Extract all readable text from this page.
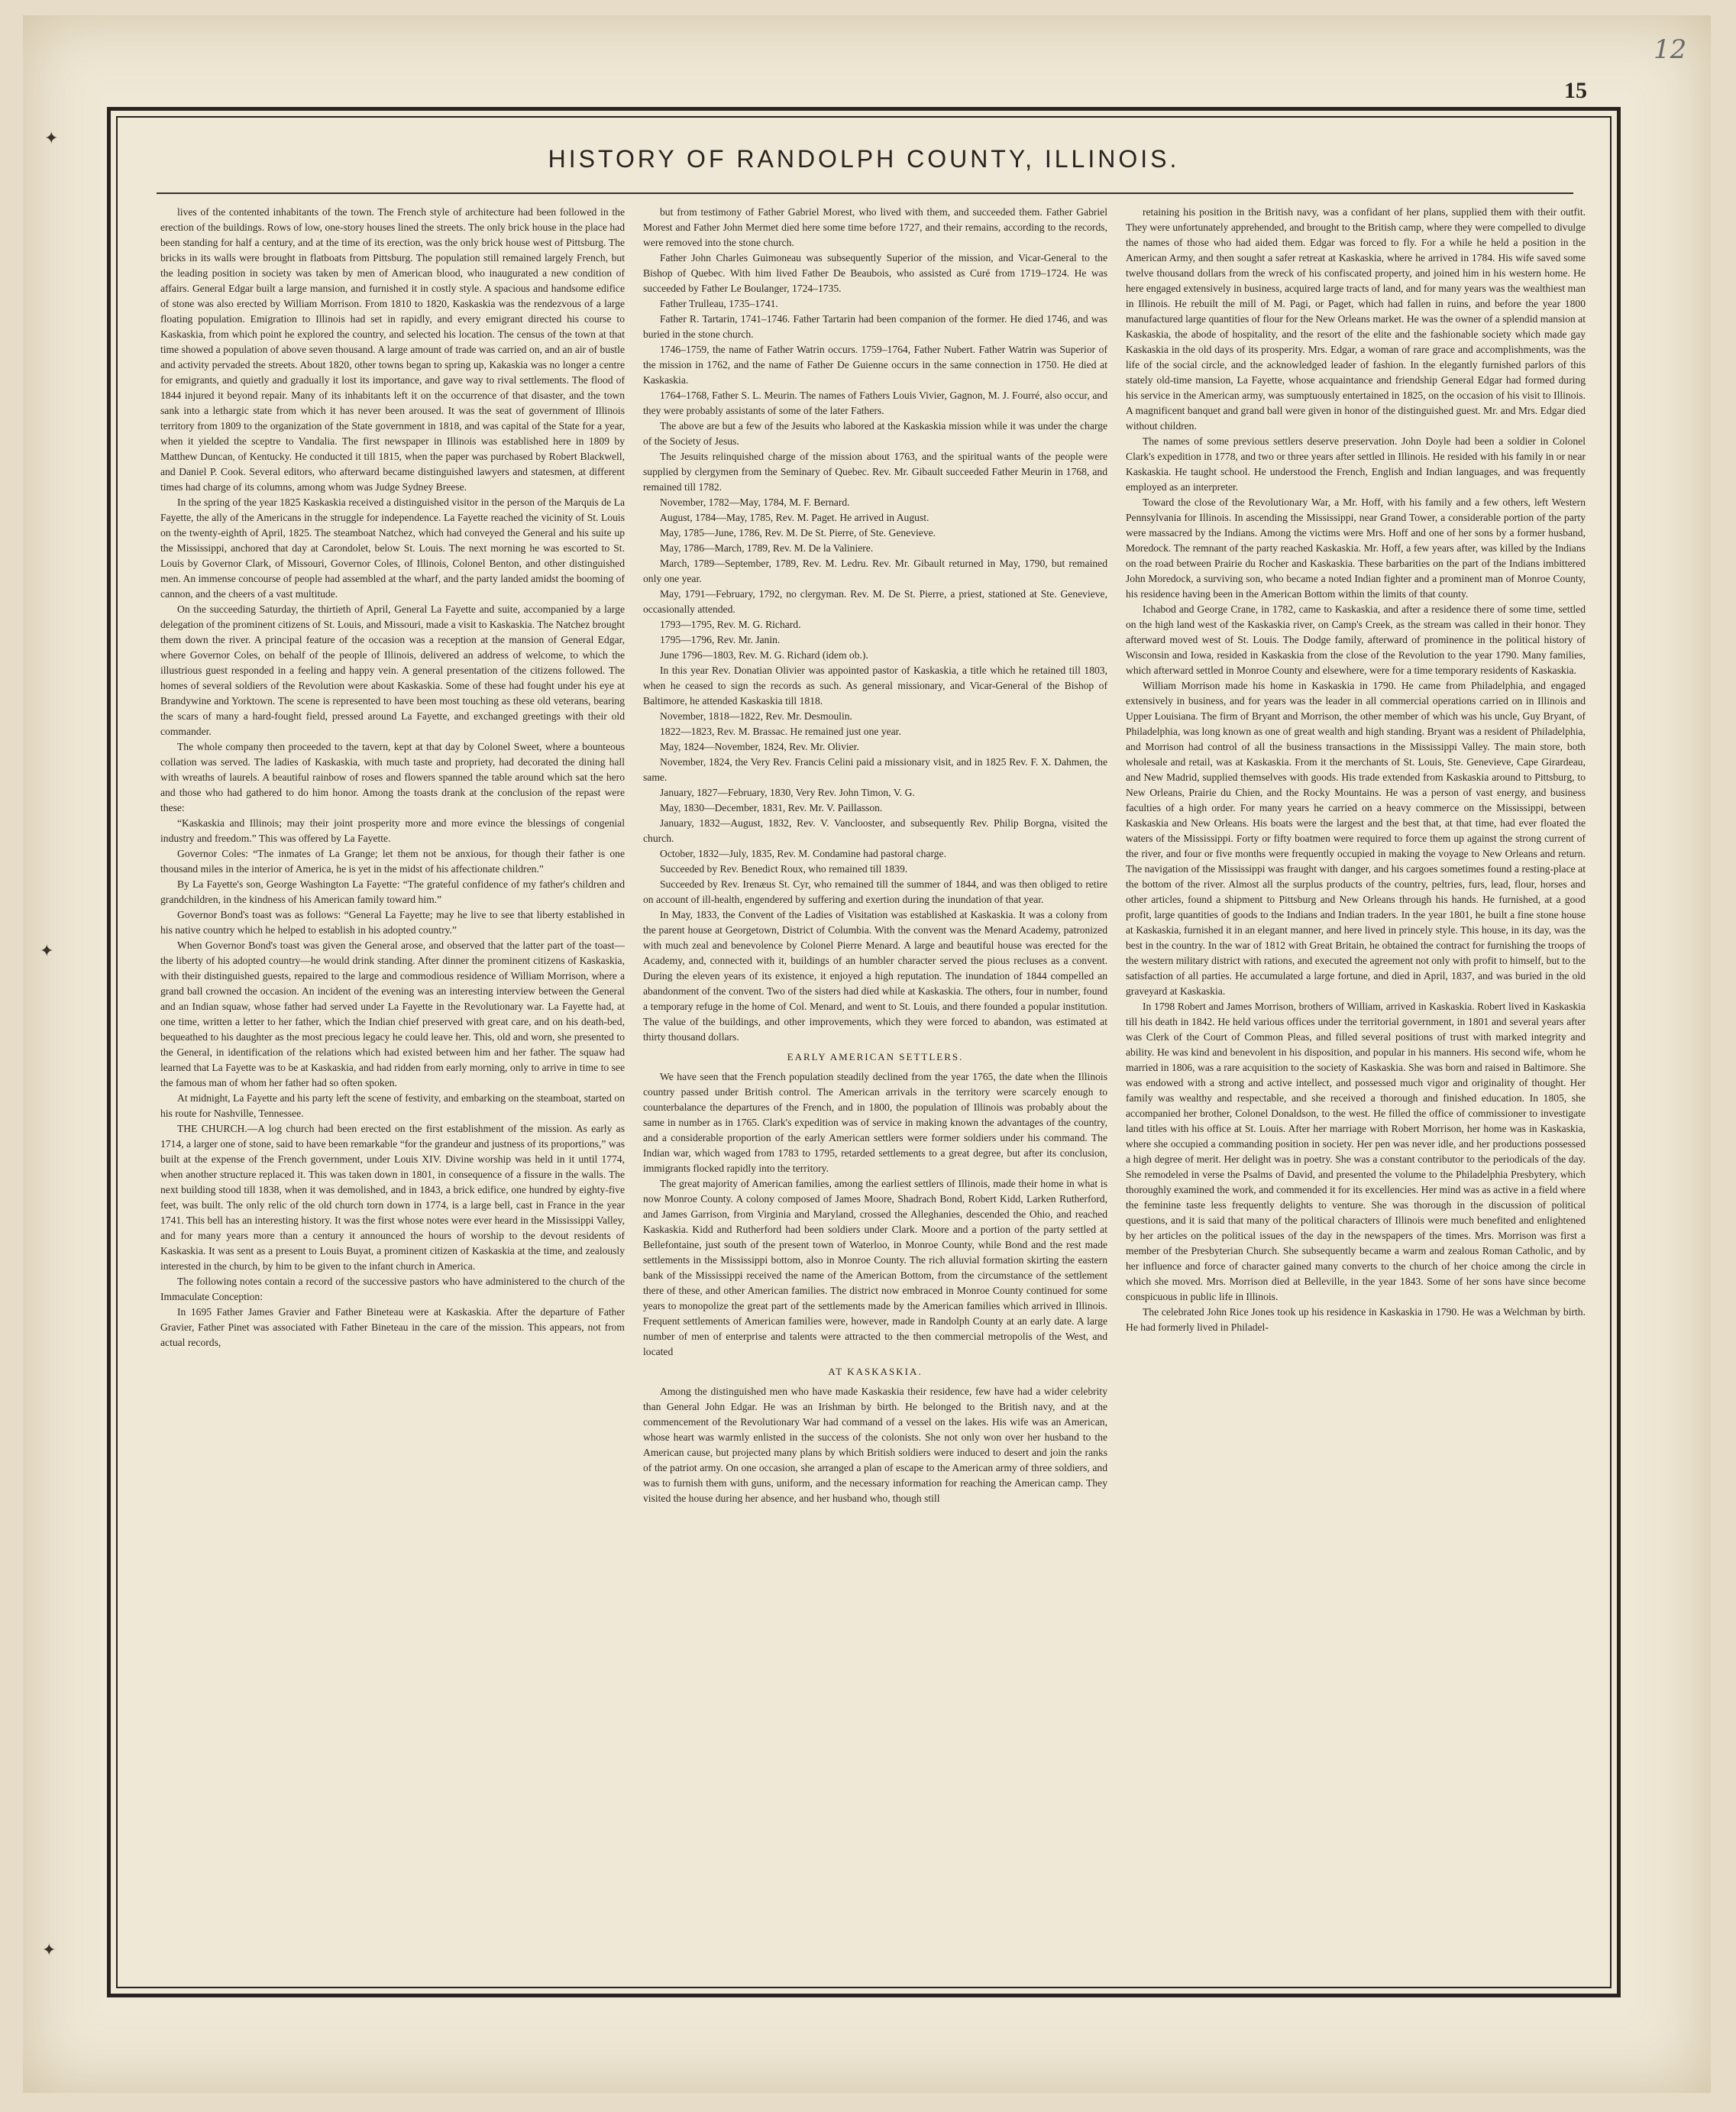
12
15
HISTORY OF RANDOLPH COUNTY, ILLINOIS.

lives of the contented inhabitants of the town. The French style of architecture had been followed in the erection of the buildings. Rows of low, one-story houses lined the streets. The only brick house in the place had been standing for half a century, and at the time of its erection, was the only brick house west of Pittsburg. The bricks in its walls were brought in flatboats from Pittsburg. The population still remained largely French, but the leading position in society was taken by men of American blood, who inaugurated a new condition of affairs. General Edgar built a large mansion, and furnished it in costly style. A spacious and handsome edifice of stone was also erected by William Morrison. From 1810 to 1820, Kaskaskia was the rendezvous of a large floating population. Emigration to Illinois had set in rapidly, and every emigrant directed his course to Kaskaskia, from which point he explored the country, and selected his location. The census of the town at that time showed a population of above seven thousand. A large amount of trade was carried on, and an air of bustle and activity pervaded the streets. About 1820, other towns began to spring up, Kakaskia was no longer a centre for emigrants, and quietly and gradually it lost its importance, and gave way to rival settlements. The flood of 1844 injured it beyond repair. Many of its inhabitants left it on the occurrence of that disaster, and the town sank into a lethargic state from which it has never been aroused. It was the seat of government of Illinois territory from 1809 to the organization of the State government in 1818, and was capital of the State for a year, when it yielded the sceptre to Vandalia. The first newspaper in Illinois was established here in 1809 by Matthew Duncan, of Kentucky. He conducted it till 1815, when the paper was purchased by Robert Blackwell, and Daniel P. Cook. Several editors, who afterward became distinguished lawyers and statesmen, at different times had charge of its columns, among whom was Judge Sydney Breese.

In the spring of the year 1825 Kaskaskia received a distinguished visitor in the person of the Marquis de La Fayette, the ally of the Americans in the struggle for independence. La Fayette reached the vicinity of St. Louis on the twenty-eighth of April, 1825. The steamboat Natchez, which had conveyed the General and his suite up the Mississippi, anchored that day at Carondolet, below St. Louis. The next morning he was escorted to St. Louis by Governor Clark, of Missouri, Governor Coles, of Illinois, Colonel Benton, and other distinguished men. An immense concourse of people had assembled at the wharf, and the party landed amidst the booming of cannon, and the cheers of a vast multitude.

On the succeeding Saturday, the thirtieth of April, General La Fayette and suite, accompanied by a large delegation of the prominent citizens of St. Louis, and Missouri, made a visit to Kaskaskia. The Natchez brought them down the river. A principal feature of the occasion was a reception at the mansion of General Edgar, where Governor Coles, on behalf of the people of Illinois, delivered an address of welcome, to which the illustrious guest responded in a feeling and happy vein. A general presentation of the citizens followed. The homes of several soldiers of the Revolution were about Kaskaskia. Some of these had fought under his eye at Brandywine and Yorktown. The scene is represented to have been most touching as these old veterans, bearing the scars of many a hard-fought field, pressed around La Fayette, and exchanged greetings with their old commander.

The whole company then proceeded to the tavern, kept at that day by Colonel Sweet, where a bounteous collation was served. The ladies of Kaskaskia, with much taste and propriety, had decorated the dining hall with wreaths of laurels. A beautiful rainbow of roses and flowers spanned the table around which sat the hero and those who had gathered to do him honor. Among the toasts drank at the conclusion of the repast were these:

“Kaskaskia and Illinois; may their joint prosperity more and more evince the blessings of congenial industry and freedom.” This was offered by La Fayette.

Governor Coles: “The inmates of La Grange; let them not be anxious, for though their father is one thousand miles in the interior of America, he is yet in the midst of his affectionate children.”

By La Fayette's son, George Washington La Fayette: “The grateful confidence of my father's children and grandchildren, in the kindness of his American family toward him.”

Governor Bond's toast was as follows: “General La Fayette; may he live to see that liberty established in his native country which he helped to establish in his adopted country.”

When Governor Bond's toast was given the General arose, and observed that the latter part of the toast—the liberty of his adopted country—he would drink standing. After dinner the prominent citizens of Kaskaskia, with their distinguished guests, repaired to the large and commodious residence of William Morrison, where a grand ball crowned the occasion. An incident of the evening was an interesting interview between the General and an Indian squaw, whose father had served under La Fayette in the Revolutionary war. La Fayette had, at one time, written a letter to her father, which the Indian chief preserved with great care, and on his death-bed, bequeathed to his daughter as the most precious legacy he could leave her. This, old and worn, she presented to the General, in identification of the relations which had existed between him and her father. The squaw had learned that La Fayette was to be at Kaskaskia, and had ridden from early morning, only to arrive in time to see the famous man of whom her father had so often spoken.

At midnight, La Fayette and his party left the scene of festivity, and embarking on the steamboat, started on his route for Nashville, Tennessee.

THE CHURCH.—A log church had been erected on the first establishment of the mission. As early as 1714, a larger one of stone, said to have been remarkable “for the grandeur and justness of its proportions,” was built at the expense of the French government, under Louis XIV. Divine worship was held in it until 1774, when another structure replaced it. This was taken down in 1801, in consequence of a fissure in the walls. The next building stood till 1838, when it was demolished, and in 1843, a brick edifice, one hundred by eighty-five feet, was built. The only relic of the old church torn down in 1774, is a large bell, cast in France in the year 1741. This bell has an interesting history. It was the first whose notes were ever heard in the Mississippi Valley, and for many years more than a century it announced the hours of worship to the devout residents of Kaskaskia. It was sent as a present to Louis Buyat, a prominent citizen of Kaskaskia at the time, and zealously interested in the church, by him to be given to the infant church in America.

The following notes contain a record of the successive pastors who have administered to the church of the Immaculate Conception:

In 1695 Father James Gravier and Father Bineteau were at Kaskaskia. After the departure of Father Gravier, Father Pinet was associated with Father Bineteau in the care of the mission. This appears, not from actual records,

but from testimony of Father Gabriel Morest, who lived with them, and succeeded them. Father Gabriel Morest and Father John Mermet died here some time before 1727, and their remains, according to the records, were removed into the stone church.

Father John Charles Guimoneau was subsequently Superior of the mission, and Vicar-General to the Bishop of Quebec. With him lived Father De Beaubois, who assisted as Curé from 1719–1724. He was succeeded by Father Le Boulanger, 1724–1735.

Father Trulleau, 1735–1741.

Father R. Tartarin, 1741–1746. Father Tartarin had been companion of the former. He died 1746, and was buried in the stone church.

1746–1759, the name of Father Watrin occurs. 1759–1764, Father Nubert. Father Watrin was Superior of the mission in 1762, and the name of Father De Guienne occurs in the same connection in 1750. He died at Kaskaskia.

1764–1768, Father S. L. Meurin. The names of Fathers Louis Vivier, Gagnon, M. J. Fourré, also occur, and they were probably assistants of some of the later Fathers.

The above are but a few of the Jesuits who labored at the Kaskaskia mission while it was under the charge of the Society of Jesus.

The Jesuits relinquished charge of the mission about 1763, and the spiritual wants of the people were supplied by clergymen from the Seminary of Quebec. Rev. Mr. Gibault succeeded Father Meurin in 1768, and remained till 1782.

November, 1782—May, 1784, M. F. Bernard.

August, 1784—May, 1785, Rev. M. Paget. He arrived in August.

May, 1785—June, 1786, Rev. M. De St. Pierre, of Ste. Genevieve.

May, 1786—March, 1789, Rev. M. De la Valiniere.

March, 1789—September, 1789, Rev. M. Ledru. Rev. Mr. Gibault returned in May, 1790, but remained only one year.

May, 1791—February, 1792, no clergyman. Rev. M. De St. Pierre, a priest, stationed at Ste. Genevieve, occasionally attended.

1793—1795, Rev. M. G. Richard.

1795—1796, Rev. Mr. Janin.

June 1796—1803, Rev. M. G. Richard (idem ob.).

In this year Rev. Donatian Olivier was appointed pastor of Kaskaskia, a title which he retained till 1803, when he ceased to sign the records as such. As general missionary, and Vicar-General of the Bishop of Baltimore, he attended Kaskaskia till 1818.

November, 1818—1822, Rev. Mr. Desmoulin.

1822—1823, Rev. M. Brassac. He remained just one year.

May, 1824—November, 1824, Rev. Mr. Olivier.

November, 1824, the Very Rev. Francis Celini paid a missionary visit, and in 1825 Rev. F. X. Dahmen, the same.

January, 1827—February, 1830, Very Rev. John Timon, V. G.

May, 1830—December, 1831, Rev. Mr. V. Paillasson.

January, 1832—August, 1832, Rev. V. Vanclooster, and subsequently Rev. Philip Borgna, visited the church.

October, 1832—July, 1835, Rev. M. Condamine had pastoral charge.

Succeeded by Rev. Benedict Roux, who remained till 1839.

Succeeded by Rev. Irenæus St. Cyr, who remained till the summer of 1844, and was then obliged to retire on account of ill-health, engendered by suffering and exertion during the inundation of that year.

In May, 1833, the Convent of the Ladies of Visitation was established at Kaskaskia. It was a colony from the parent house at Georgetown, District of Columbia. With the convent was the Menard Academy, patronized with much zeal and benevolence by Colonel Pierre Menard. A large and beautiful house was erected for the Academy, and, connected with it, buildings of an humbler character served the pious recluses as a convent. During the eleven years of its existence, it enjoyed a high reputation. The inundation of 1844 compelled an abandonment of the convent. Two of the sisters had died while at Kaskaskia. The others, four in number, found a temporary refuge in the home of Col. Menard, and went to St. Louis, and there founded a popular institution. The value of the buildings, and other improvements, which they were forced to abandon, was estimated at thirty thousand dollars.

EARLY AMERICAN SETTLERS.

We have seen that the French population steadily declined from the year 1765, the date when the Illinois country passed under British control. The American arrivals in the territory were scarcely enough to counterbalance the departures of the French, and in 1800, the population of Illinois was probably about the same in number as in 1765. Clark's expedition was of service in making known the advantages of the country, and a considerable proportion of the early American settlers were former soldiers under his command. The Indian war, which waged from 1783 to 1795, retarded settlements to a great degree, but after its conclusion, immigrants flocked rapidly into the territory.

The great majority of American families, among the earliest settlers of Illinois, made their home in what is now Monroe County. A colony composed of James Moore, Shadrach Bond, Robert Kidd, Larken Rutherford, and James Garrison, from Virginia and Maryland, crossed the Alleghanies, descended the Ohio, and reached Kaskaskia. Kidd and Rutherford had been soldiers under Clark. Moore and a portion of the party settled at Bellefontaine, just south of the present town of Waterloo, in Monroe County, while Bond and the rest made settlements in the Mississippi bottom, also in Monroe County. The rich alluvial formation skirting the eastern bank of the Mississippi received the name of the American Bottom, from the circumstance of the settlement there of these, and other American families. The district now embraced in Monroe County continued for some years to monopolize the great part of the settlements made by the American families which arrived in Illinois. Frequent settlements of American families were, however, made in Randolph County at an early date. A large number of men of enterprise and talents were attracted to the then commercial metropolis of the West, and located

AT KASKASKIA.

Among the distinguished men who have made Kaskaskia their residence, few have had a wider celebrity than General John Edgar. He was an Irishman by birth. He belonged to the British navy, and at the commencement of the Revolutionary War had command of a vessel on the lakes. His wife was an American, whose heart was warmly enlisted in the success of the colonists. She not only won over her husband to the American cause, but projected many plans by which British soldiers were induced to desert and join the ranks of the patriot army. On one occasion, she arranged a plan of escape to the American army of three soldiers, and was to furnish them with guns, uniform, and the necessary information for reaching the American camp. They visited the house during her absence, and her husband who, though still

retaining his position in the British navy, was a confidant of her plans, supplied them with their outfit. They were unfortunately apprehended, and brought to the British camp, where they were compelled to divulge the names of those who had aided them. Edgar was forced to fly. For a while he held a position in the American Army, and then sought a safer retreat at Kaskaskia, where he arrived in 1784. His wife saved some twelve thousand dollars from the wreck of his confiscated property, and joined him in his western home. He here engaged extensively in business, acquired large tracts of land, and for many years was the wealthiest man in Illinois. He rebuilt the mill of M. Pagi, or Paget, which had fallen in ruins, and before the year 1800 manufactured large quantities of flour for the New Orleans market. He was the owner of a splendid mansion at Kaskaskia, the abode of hospitality, and the resort of the elite and the fashionable society which made gay Kaskaskia in the old days of its prosperity. Mrs. Edgar, a woman of rare grace and accomplishments, was the life of the social circle, and the acknowledged leader of fashion. In the elegantly furnished parlors of this stately old-time mansion, La Fayette, whose acquaintance and friendship General Edgar had formed during his service in the American army, was sumptuously entertained in 1825, on the occasion of his visit to Illinois. A magnificent banquet and grand ball were given in honor of the distinguished guest. Mr. and Mrs. Edgar died without children.

The names of some previous settlers deserve preservation. John Doyle had been a soldier in Colonel Clark's expedition in 1778, and two or three years after settled in Illinois. He resided with his family in or near Kaskaskia. He taught school. He understood the French, English and Indian languages, and was frequently employed as an interpreter.

Toward the close of the Revolutionary War, a Mr. Hoff, with his family and a few others, left Western Pennsylvania for Illinois. In ascending the Mississippi, near Grand Tower, a considerable portion of the party were massacred by the Indians. Among the victims were Mrs. Hoff and one of her sons by a former husband, Moredock. The remnant of the party reached Kaskaskia. Mr. Hoff, a few years after, was killed by the Indians on the road between Prairie du Rocher and Kaskaskia. These barbarities on the part of the Indians imbittered John Moredock, a surviving son, who became a noted Indian fighter and a prominent man of Monroe County, his residence having been in the American Bottom within the limits of that county.

Ichabod and George Crane, in 1782, came to Kaskaskia, and after a residence there of some time, settled on the high land west of the Kaskaskia river, on Camp's Creek, as the stream was called in their honor. They afterward moved west of St. Louis. The Dodge family, afterward of prominence in the political history of Wisconsin and Iowa, resided in Kaskaskia from the close of the Revolution to the year 1790. Many families, which afterward settled in Monroe County and elsewhere, were for a time temporary residents of Kaskaskia.

William Morrison made his home in Kaskaskia in 1790. He came from Philadelphia, and engaged extensively in business, and for years was the leader in all commercial operations carried on in Illinois and Upper Louisiana. The firm of Bryant and Morrison, the other member of which was his uncle, Guy Bryant, of Philadelphia, was long known as one of great wealth and high standing. Bryant was a resident of Philadelphia, and Morrison had control of all the business transactions in the Mississippi Valley. The main store, both wholesale and retail, was at Kaskaskia. From it the merchants of St. Louis, Ste. Genevieve, Cape Girardeau, and New Madrid, supplied themselves with goods. His trade extended from Kaskaskia around to Pittsburg, to New Orleans, Prairie du Chien, and the Rocky Mountains. He was a person of vast energy, and business faculties of a high order. For many years he carried on a heavy commerce on the Mississippi, between Kaskaskia and New Orleans. His boats were the largest and the best that, at that time, had ever floated the waters of the Mississippi. Forty or fifty boatmen were required to force them up against the strong current of the river, and four or five months were frequently occupied in making the voyage to New Orleans and return. The navigation of the Mississippi was fraught with danger, and his cargoes sometimes found a resting-place at the bottom of the river. Almost all the surplus products of the country, peltries, furs, lead, flour, horses and other articles, found a shipment to Pittsburg and New Orleans through his hands. He furnished, at a good profit, large quantities of goods to the Indians and Indian traders. In the year 1801, he built a fine stone house at Kaskaskia, furnished it in an elegant manner, and here lived in princely style. This house, in its day, was the best in the country. In the war of 1812 with Great Britain, he obtained the contract for furnishing the troops of the western military district with rations, and executed the agreement not only with profit to himself, but to the satisfaction of all parties. He accumulated a large fortune, and died in April, 1837, and was buried in the old graveyard at Kaskaskia.

In 1798 Robert and James Morrison, brothers of William, arrived in Kaskaskia. Robert lived in Kaskaskia till his death in 1842. He held various offices under the territorial government, in 1801 and several years after was Clerk of the Court of Common Pleas, and filled several positions of trust with marked integrity and ability. He was kind and benevolent in his disposition, and popular in his manners. His second wife, whom he married in 1806, was a rare acquisition to the society of Kaskaskia. She was born and raised in Baltimore. She was endowed with a strong and active intellect, and possessed much vigor and originality of thought. Her family was wealthy and respectable, and she received a thorough and finished education. In 1805, she accompanied her brother, Colonel Donaldson, to the west. He filled the office of commissioner to investigate land titles with his office at St. Louis. After her marriage with Robert Morrison, her home was in Kaskaskia, where she occupied a commanding position in society. Her pen was never idle, and her productions possessed a high degree of merit. Her delight was in poetry. She was a constant contributor to the periodicals of the day. She remodeled in verse the Psalms of David, and presented the volume to the Philadelphia Presbytery, which thoroughly examined the work, and commended it for its excellencies. Her mind was as active in a field where the feminine taste less frequently delights to venture. She was thorough in the discussion of political questions, and it is said that many of the political characters of Illinois were much benefited and enlightened by her articles on the political issues of the day in the newspapers of the times. Mrs. Morrison was first a member of the Presbyterian Church. She subsequently became a warm and zealous Roman Catholic, and by her influence and force of character gained many converts to the church of her choice among the circle in which she moved. Mrs. Morrison died at Belleville, in the year 1843. Some of her sons have since become conspicuous in public life in Illinois.

The celebrated John Rice Jones took up his residence in Kaskaskia in 1790. He was a Welchman by birth. He had formerly lived in Philadel-

✦
✦
✦
